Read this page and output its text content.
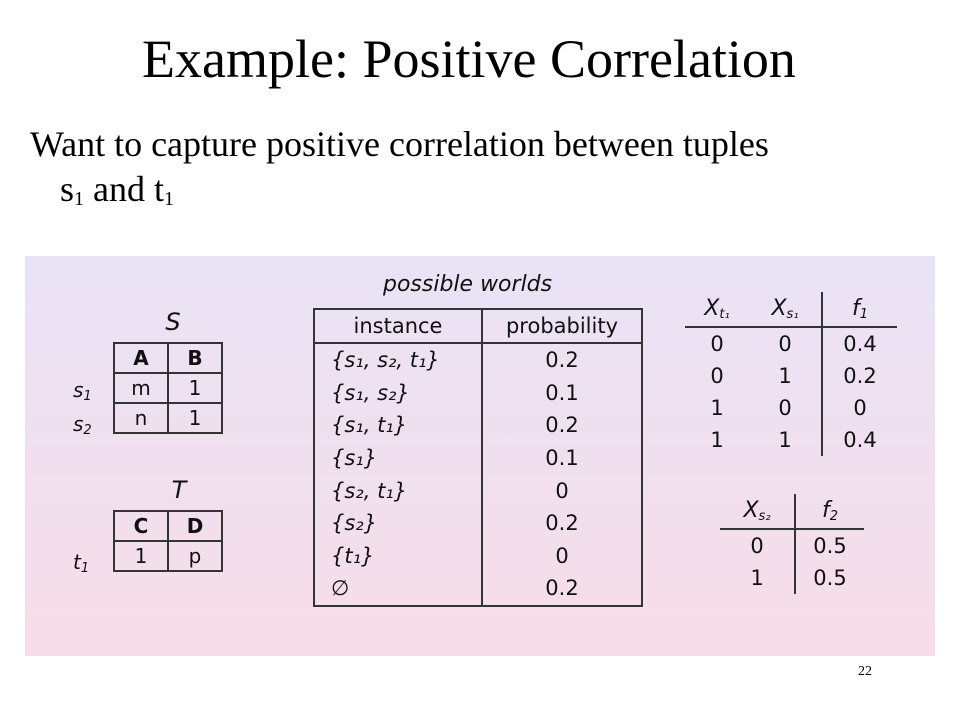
Example: Positive Correlation
Want to capture positive correlation between tuples
$s_1$ and $t_1$
S
$s_1$
$s_2$
A	B
m	1
n	1
T
$t_1$
C	D
1	p
possible worlds
instance	probability
{s₁, s₂, t₁}	0.2
{s₁, s₂}	0.1
{s₁, t₁}	0.2
{s₁}	0.1
{s₂, t₁}	0
{s₂}	0.2
{t₁}	0
∅	0.2
$X_{t_1}$	$X_{s_1}$	$f_1$
0	0	0.4
0	1	0.2
1	0	0
1	1	0.4
$X_{s_2}$	$f_2$
0	0.5
1	0.5
22
